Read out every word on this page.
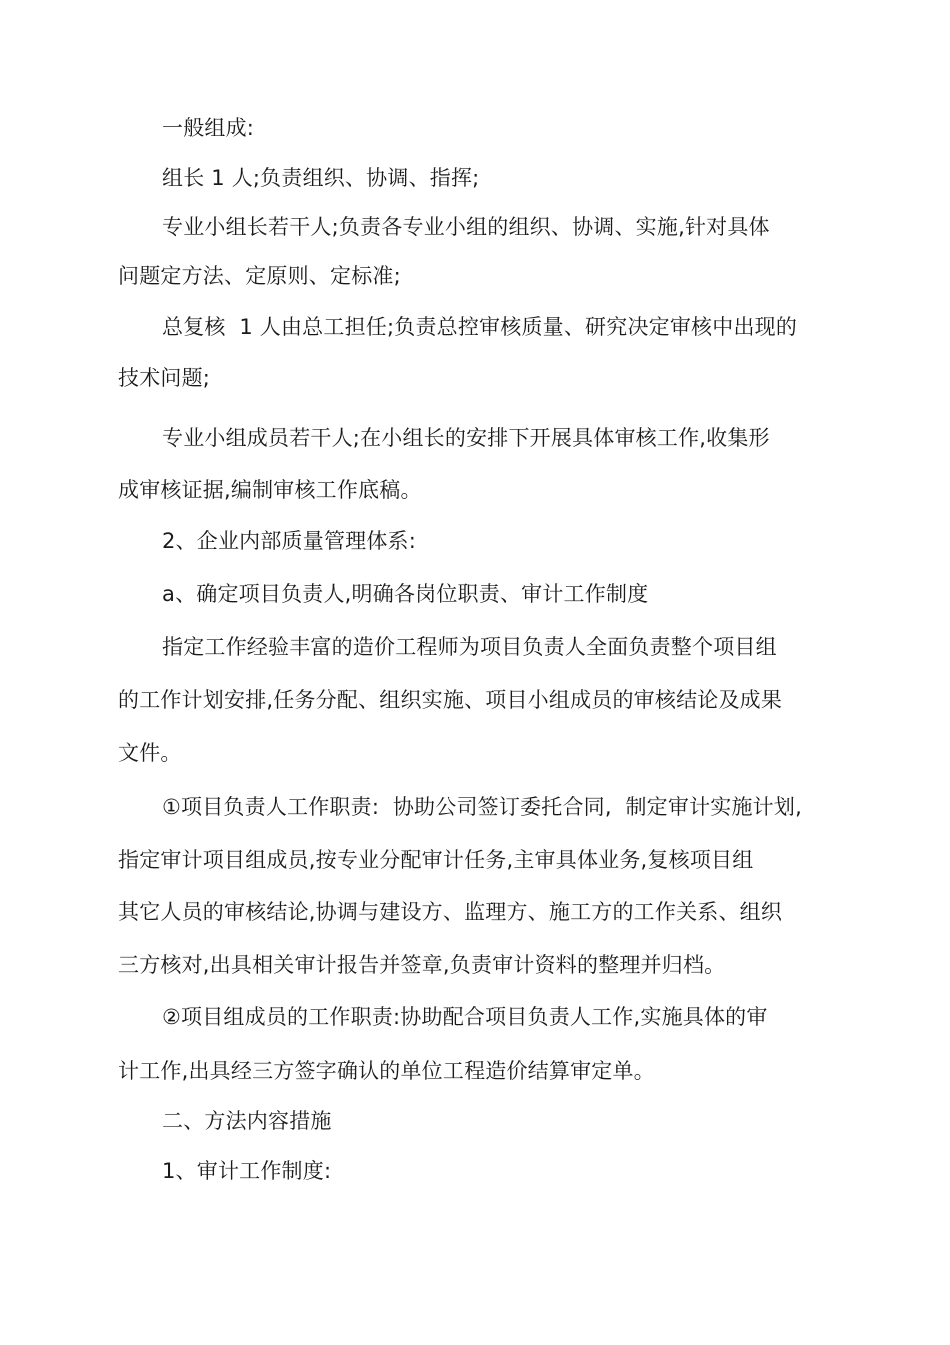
一般组成:
组长 1 人;负责组织、协调、指挥;
专业小组长若干人;负责各专业小组的组织、协调、实施,针对具体
问题定方法、定原则、定标准;
总复核  1 人由总工担任;负责总控审核质量、研究决定审核中出现的
技术问题;
专业小组成员若干人;在小组长的安排下开展具体审核工作,收集形
成审核证据,编制审核工作底稿。
2、企业内部质量管理体系:
a、确定项目负责人,明确各岗位职责、审计工作制度
指定工作经验丰富的造价工程师为项目负责人全面负责整个项目组
的工作计划安排,任务分配、组织实施、项目小组成员的审核结论及成果
文件。
①项目负责人工作职责:  协助公司签订委托合同,  制定审计实施计划,
指定审计项目组成员,按专业分配审计任务,主审具体业务,复核项目组
其它人员的审核结论,协调与建设方、监理方、施工方的工作关系、组织
三方核对,出具相关审计报告并签章,负责审计资料的整理并归档。
②项目组成员的工作职责:协助配合项目负责人工作,实施具体的审
计工作,出具经三方签字确认的单位工程造价结算审定单。
二、方法内容措施
1、审计工作制度:
